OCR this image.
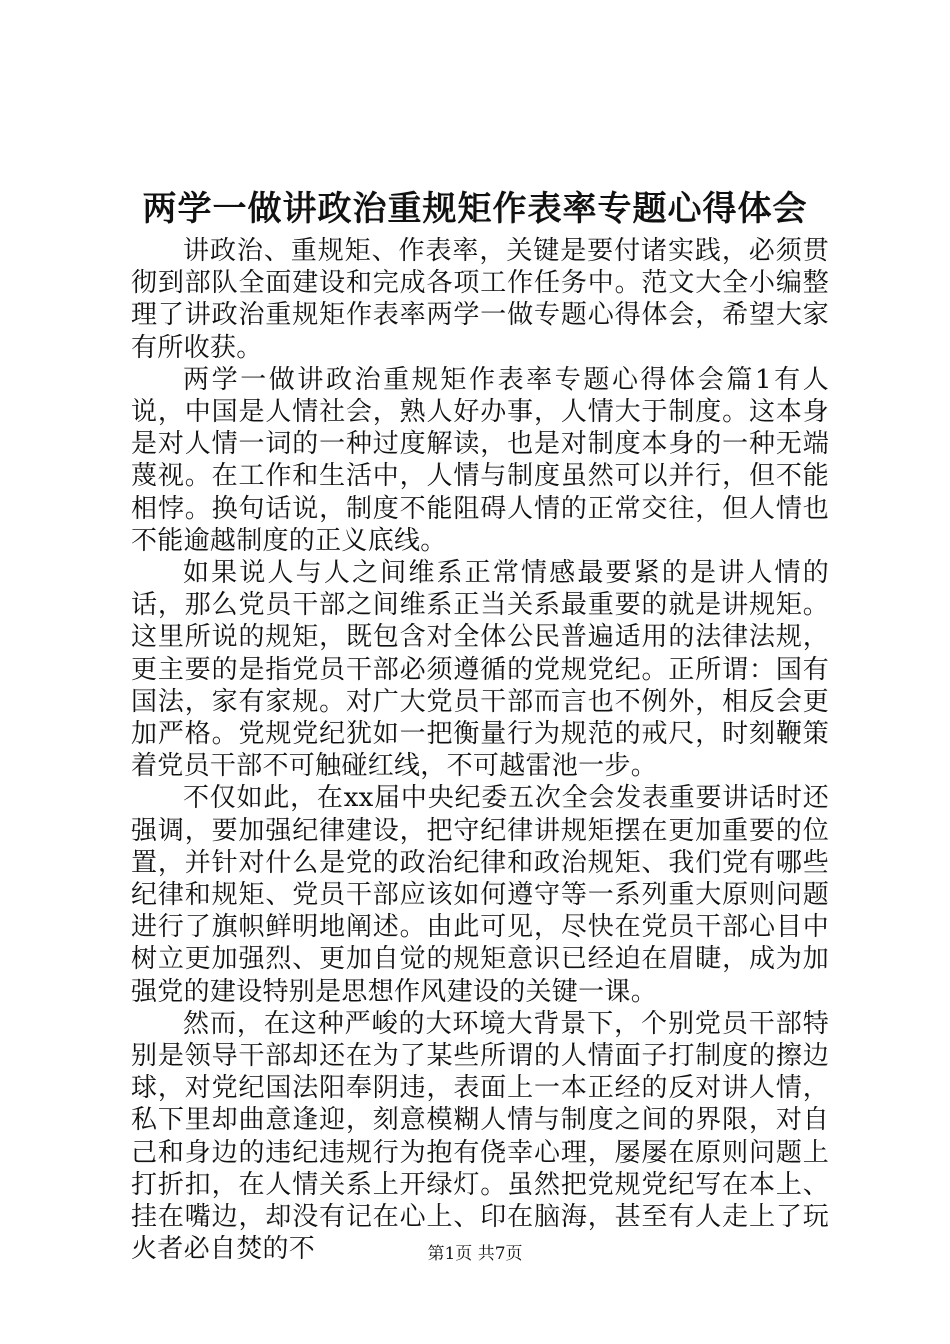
两学一做讲政治重规矩作表率专题心得体会

讲政治、重规矩、作表率，关键是要付诸实践，必须贯彻到部队全面建设和完成各项工作任务中。范文大全小编整理了讲政治重规矩作表率两学一做专题心得体会，希望大家有所收获。

两学一做讲政治重规矩作表率专题心得体会篇1有人说，中国是人情社会，熟人好办事，人情大于制度。这本身是对人情一词的一种过度解读，也是对制度本身的一种无端蔑视。在工作和生活中，人情与制度虽然可以并行，但不能相悖。换句话说，制度不能阻碍人情的正常交往，但人情也不能逾越制度的正义底线。

如果说人与人之间维系正常情感最要紧的是讲人情的话，那么党员干部之间维系正当关系最重要的就是讲规矩。这里所说的规矩，既包含对全体公民普遍适用的法律法规，更主要的是指党员干部必须遵循的党规党纪。正所谓：国有国法，家有家规。对广大党员干部而言也不例外，相反会更加严格。党规党纪犹如一把衡量行为规范的戒尺，时刻鞭策着党员干部不可触碰红线，不可越雷池一步。

不仅如此，在xx届中央纪委五次全会发表重要讲话时还强调，要加强纪律建设，把守纪律讲规矩摆在更加重要的位置，并针对什么是党的政治纪律和政治规矩、我们党有哪些纪律和规矩、党员干部应该如何遵守等一系列重大原则问题进行了旗帜鲜明地阐述。由此可见，尽快在党员干部心目中树立更加强烈、更加自觉的规矩意识已经迫在眉睫，成为加强党的建设特别是思想作风建设的关键一课。

然而，在这种严峻的大环境大背景下，个别党员干部特别是领导干部却还在为了某些所谓的人情面子打制度的擦边球，对党纪国法阳奉阴违，表面上一本正经的反对讲人情，私下里却曲意逢迎，刻意模糊人情与制度之间的界限，对自己和身边的违纪违规行为抱有侥幸心理，屡屡在原则问题上打折扣，在人情关系上开绿灯。虽然把党规党纪写在本上、挂在嘴边，却没有记在心上、印在脑海，甚至有人走上了玩火者必自焚的不	第1页 共7页
